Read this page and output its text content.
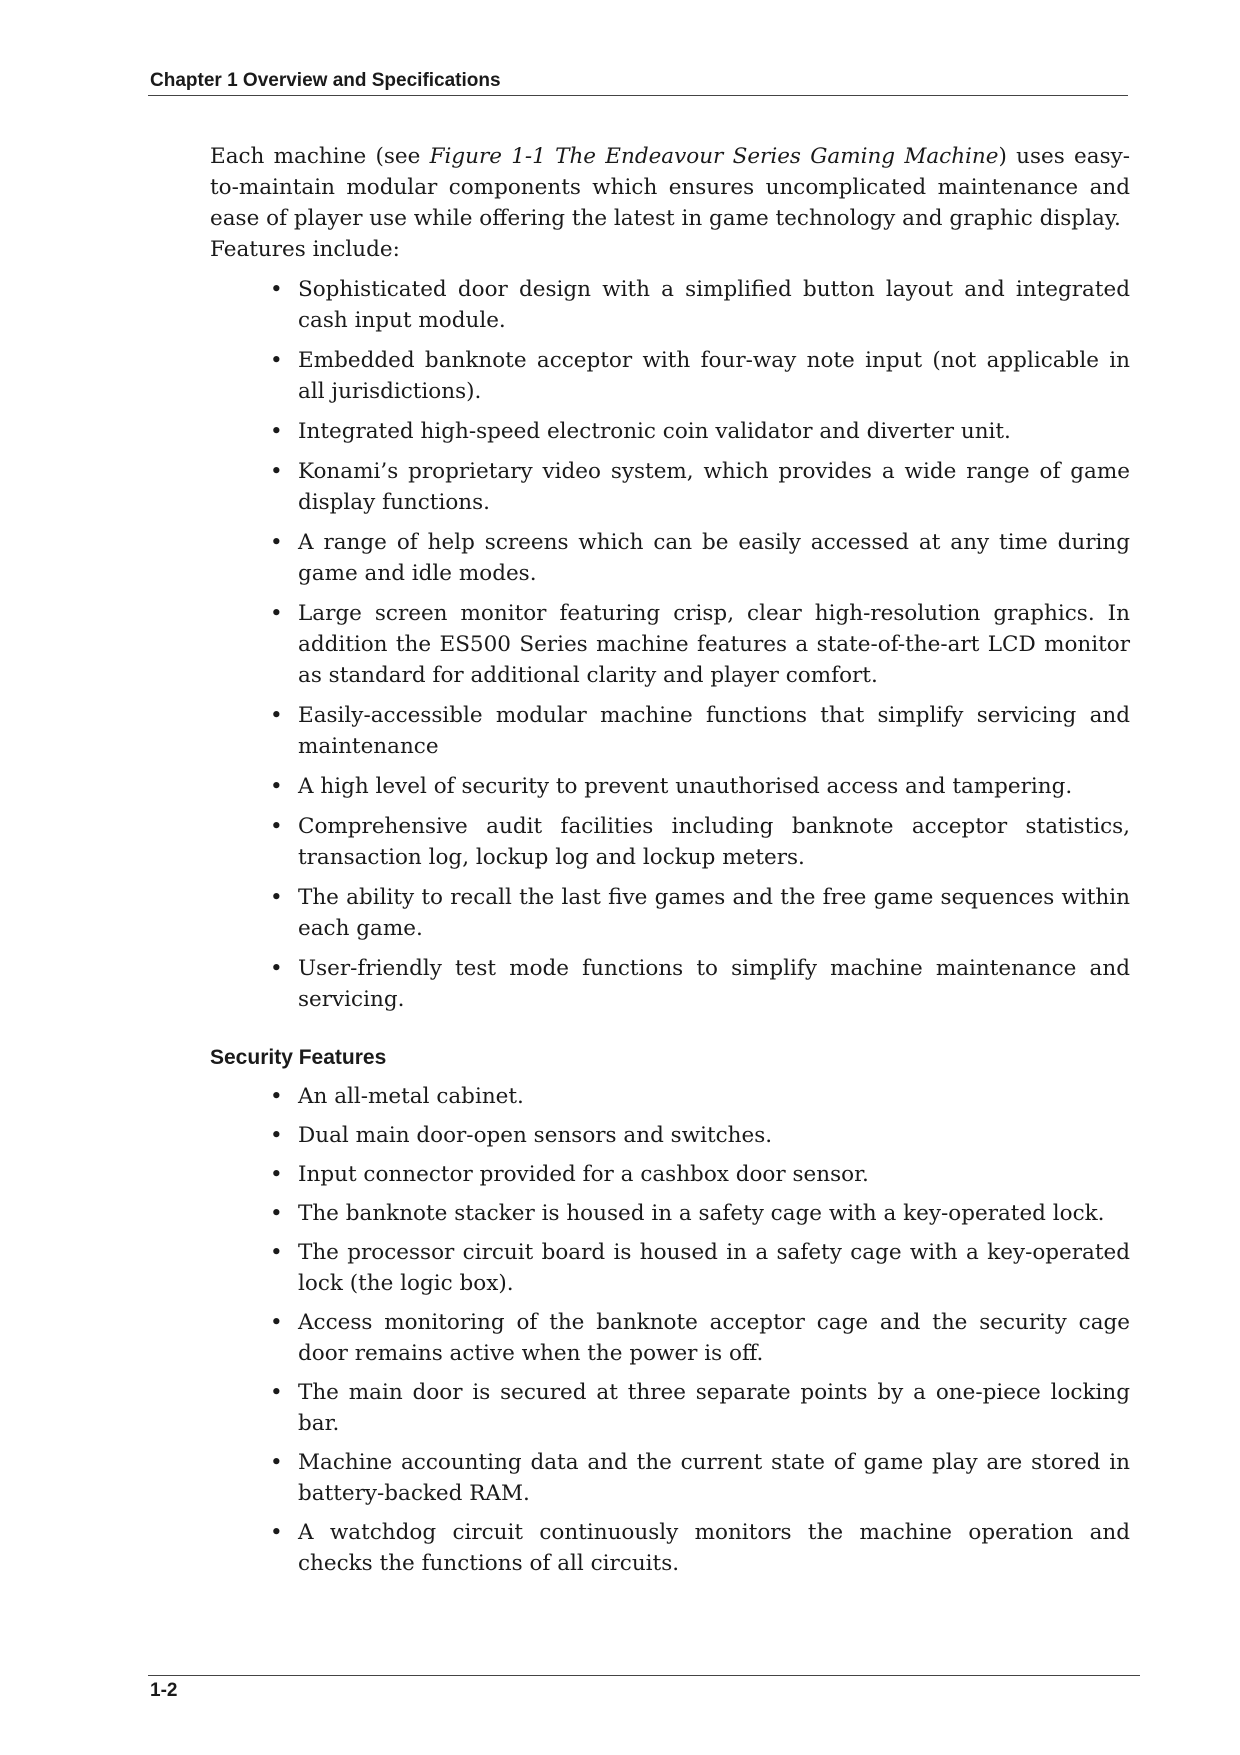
Chapter 1 Overview and Specifications

Each machine (see Figure 1-1 The Endeavour Series Gaming Machine) uses easy-to-maintain modular components which ensures uncomplicated maintenance and ease of player use while offering the latest in game technology and graphic display.
Features include:

• Sophisticated door design with a simplified button layout and integrated cash input module.
• Embedded banknote acceptor with four-way note input (not applicable in all jurisdictions).
• Integrated high-speed electronic coin validator and diverter unit.
• Konami’s proprietary video system, which provides a wide range of game display functions.
• A range of help screens which can be easily accessed at any time during game and idle modes.
• Large screen monitor featuring crisp, clear high-resolution graphics. In addition the ES500 Series machine features a state-of-the-art LCD monitor as standard for additional clarity and player comfort.
• Easily-accessible modular machine functions that simplify servicing and maintenance
• A high level of security to prevent unauthorised access and tampering.
• Comprehensive audit facilities including banknote acceptor statistics, transaction log, lockup log and lockup meters.
• The ability to recall the last five games and the free game sequences within each game.
• User-friendly test mode functions to simplify machine maintenance and servicing.
Security Features
• An all-metal cabinet.
• Dual main door-open sensors and switches.
• Input connector provided for a cashbox door sensor.
• The banknote stacker is housed in a safety cage with a key-operated lock.
• The processor circuit board is housed in a safety cage with a key-operated lock (the logic box).
• Access monitoring of the banknote acceptor cage and the security cage door remains active when the power is off.
• The main door is secured at three separate points by a one-piece locking bar.
• Machine accounting data and the current state of game play are stored in battery-backed RAM.
• A watchdog circuit continuously monitors the machine operation and checks the functions of all circuits.
1-2
